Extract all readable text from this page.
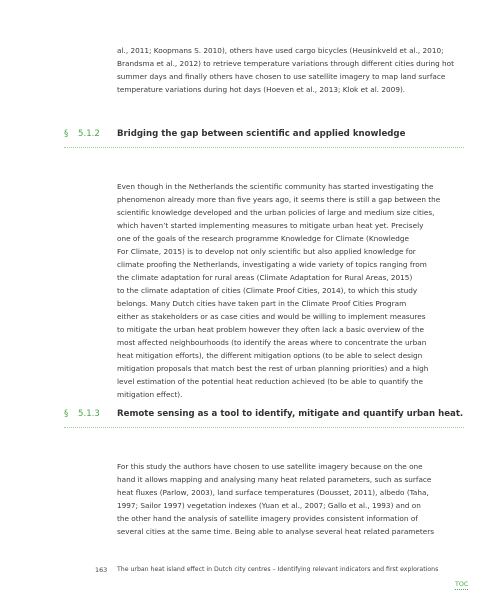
al., 2011; Koopmans S. 2010), others have used cargo bicycles (Heusinkveld et al., 2010;
Brandsma et al., 2012) to retrieve temperature variations through different cities during hot
summer days and finally others have chosen to use satellite imagery to map land surface
temperature variations during hot days (Hoeven et al., 2013; Klok et al. 2009).
§ 5.1.2 Bridging the gap between scientific and applied knowledge
Even though in the Netherlands the scientific community has started investigating the
phenomenon already more than five years ago, it seems there is still a gap between the
scientific knowledge developed and the urban policies of large and medium size cities,
which haven’t started implementing measures to mitigate urban heat yet. Precisely
one of the goals of the research programme Knowledge for Climate (Knowledge
For Climate, 2015) is to develop not only scientific but also applied knowledge for
climate proofing the Netherlands, investigating a wide variety of topics ranging from
the climate adaptation for rural areas (Climate Adaptation for Rural Areas, 2015)
to the climate adaptation of cities (Climate Proof Cities, 2014), to which this study
belongs. Many Dutch cities have taken part in the Climate Proof Cities Program
either as stakeholders or as case cities and would be willing to implement measures
to mitigate the urban heat problem however they often lack a basic overview of the
most affected neighbourhoods (to identify the areas where to concentrate the urban
heat mitigation efforts), the different mitigation options (to be able to select design
mitigation proposals that match best the rest of urban planning priorities) and a high
level estimation of the potential heat reduction achieved (to be able to quantify the
mitigation effect).
§ 5.1.3 Remote sensing as a tool to identify, mitigate and quantify urban heat.
For this study the authors have chosen to use satellite imagery because on the one
hand it allows mapping and analysing many heat related parameters, such as surface
heat fluxes (Parlow, 2003), land surface temperatures (Dousset, 2011), albedo (Taha,
1997; Sailor 1997) vegetation indexes (Yuan et al., 2007; Gallo et al., 1993) and on
the other hand the analysis of satellite imagery provides consistent information of
several cities at the same time. Being able to analyse several heat related parameters
163 The urban heat island effect in Dutch city centres – Identifying relevant indicators and first explorations
TOC
